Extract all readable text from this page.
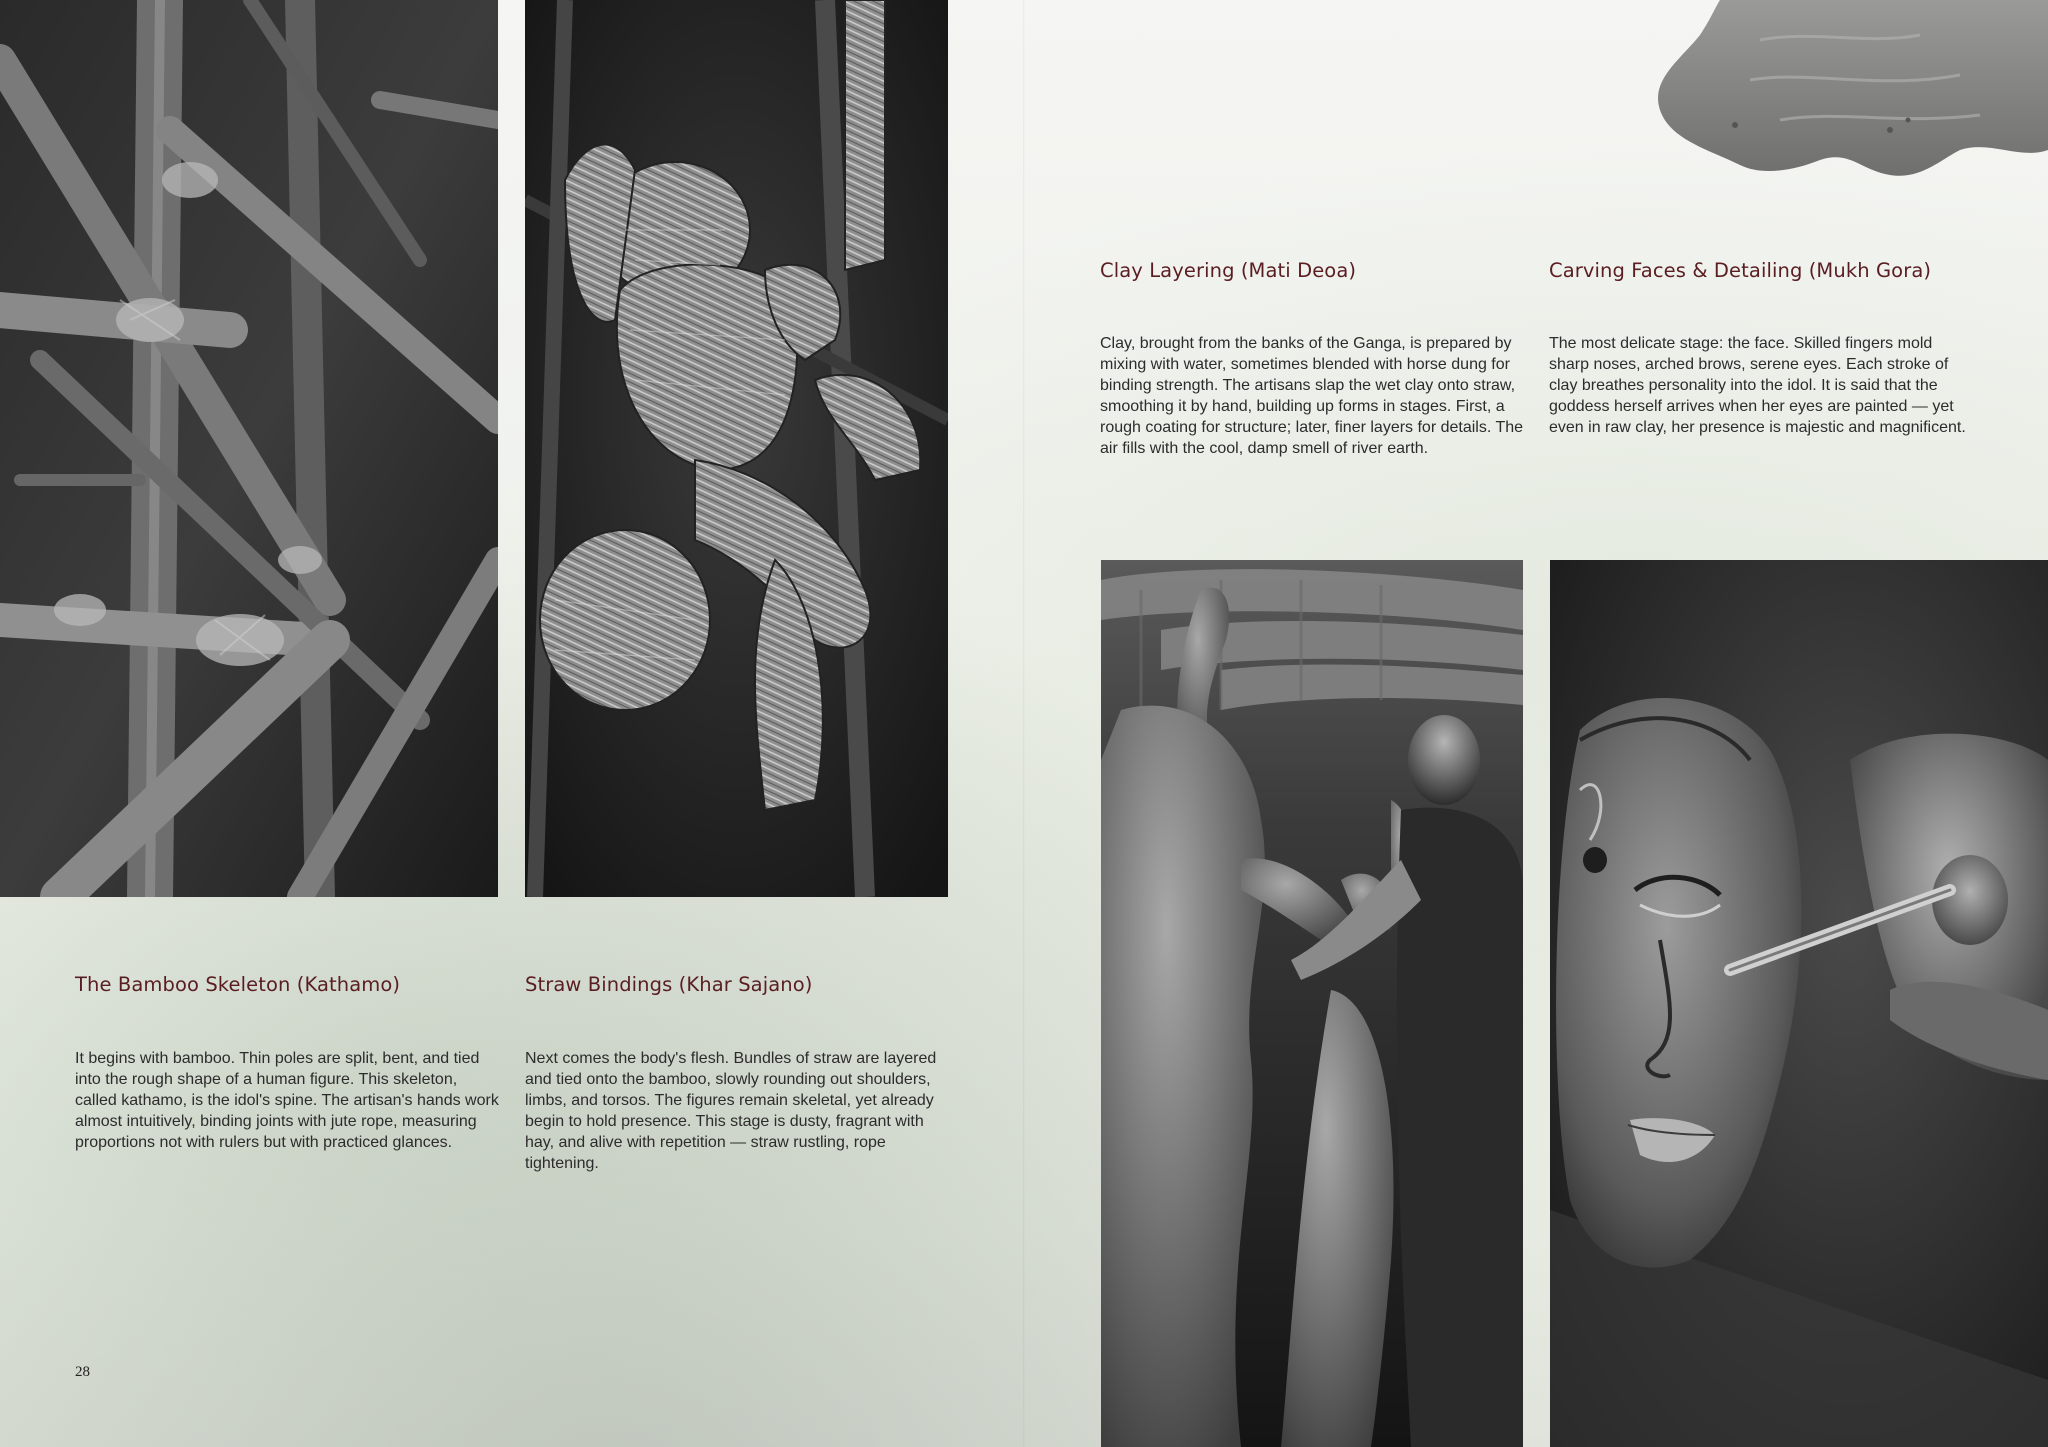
The Bamboo Skeleton (Kathamo)

It begins with bamboo. Thin poles are split, bent, and tied into the rough shape of a human figure. This skeleton, called kathamo, is the idol's spine. The artisan's hands work almost intuitively, binding joints with jute rope, measuring proportions not with rulers but with practiced glances.

Straw Bindings (Khar Sajano)

Next comes the body's flesh. Bundles of straw are layered and tied onto the bamboo, slowly rounding out shoulders, limbs, and torsos. The figures remain skeletal, yet already begin to hold presence. This stage is dusty, fragrant with hay, and alive with repetition — straw rustling, rope tightening.

Clay Layering (Mati Deoa)

Clay, brought from the banks of the Ganga, is prepared by mixing with water, sometimes blended with horse dung for binding strength. The artisans slap the wet clay onto straw, smoothing it by hand, building up forms in stages. First, a rough coating for structure; later, finer layers for details. The air fills with the cool, damp smell of river earth.

Carving Faces & Detailing (Mukh Gora)

The most delicate stage: the face. Skilled fingers mold sharp noses, arched brows, serene eyes. Each stroke of clay breathes personality into the idol. It is said that the goddess herself arrives when her eyes are painted — yet even in raw clay, her presence is majestic and magnificent.

28
